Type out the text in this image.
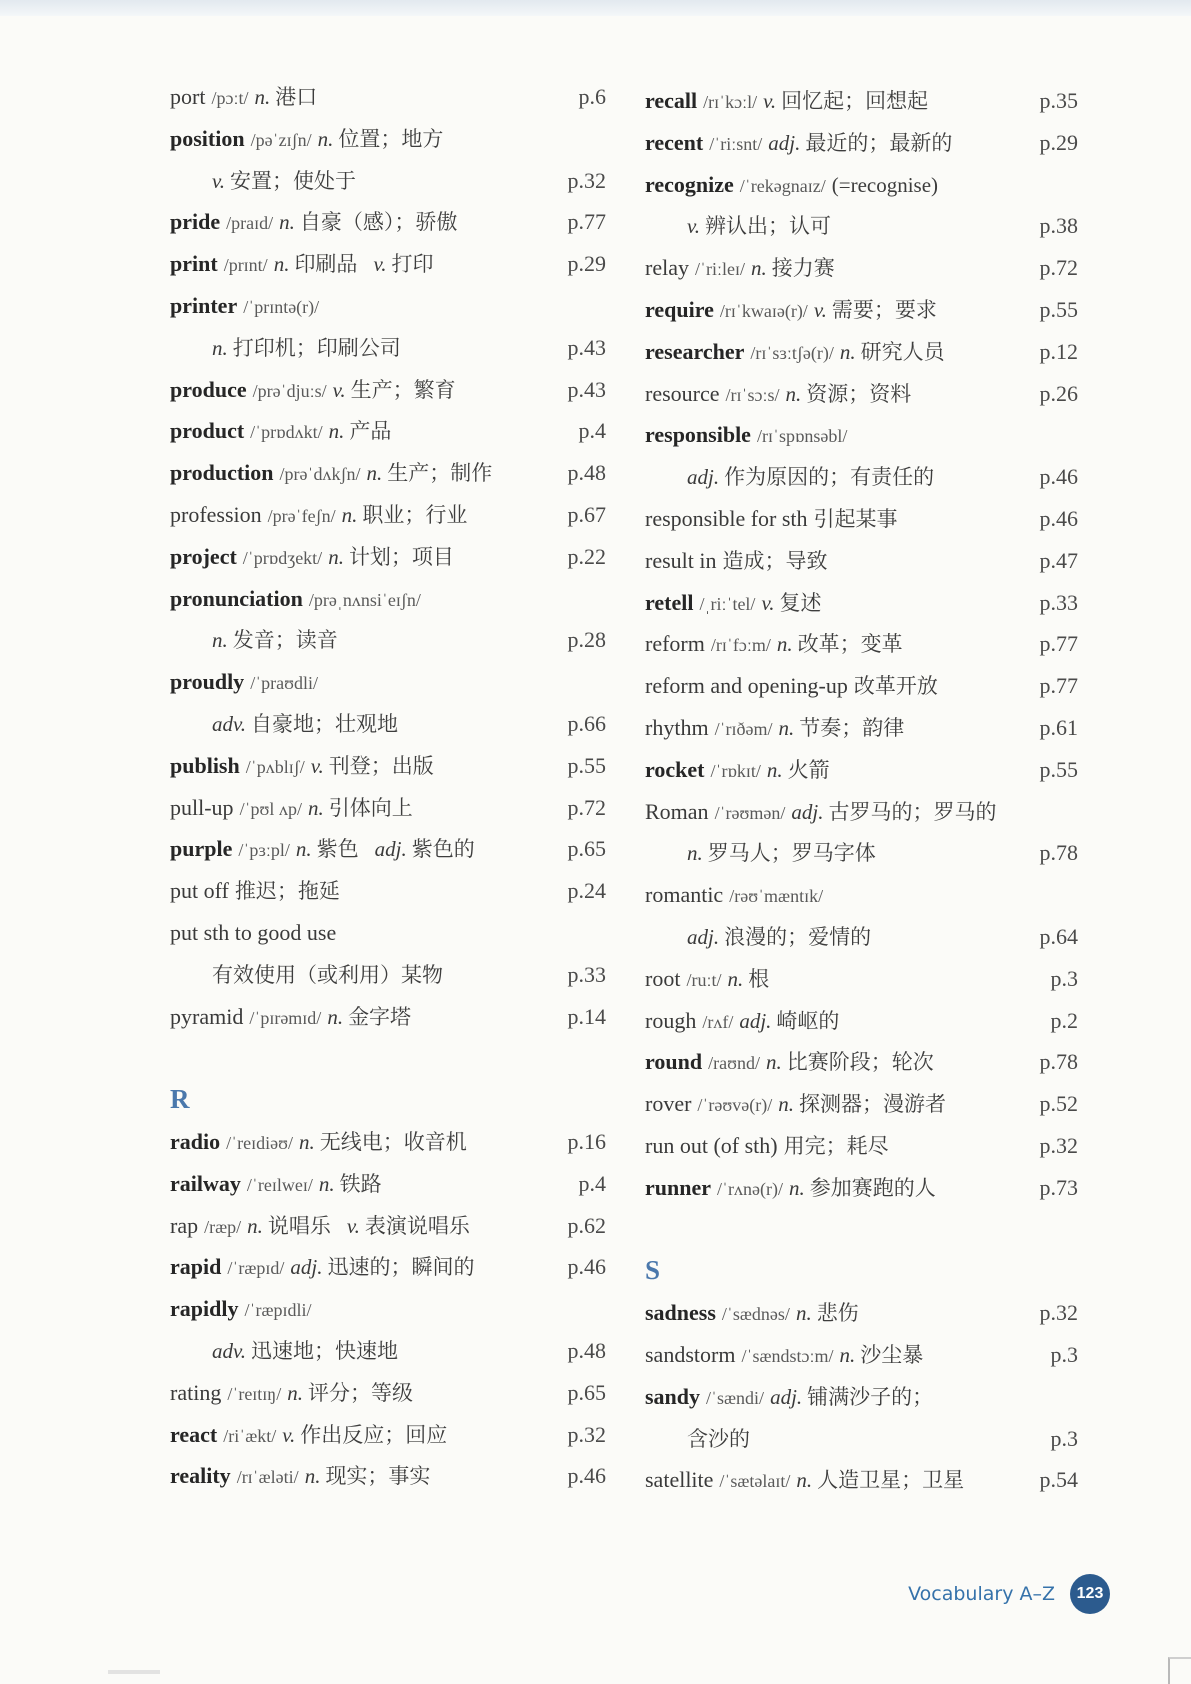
port /pɔːt/ n. 港口	p.6
position /pəˈzɪʃn/ n. 位置；地方
v. 安置；使处于	p.32
pride /praɪd/ n. 自豪（感）；骄傲	p.77
print /prɪnt/ n. 印刷品 v. 打印	p.29
printer /ˈprɪntə(r)/
n. 打印机；印刷公司	p.43
produce /prəˈdjuːs/ v. 生产；繁育	p.43
product /ˈprɒdʌkt/ n. 产品	p.4
production /prəˈdʌkʃn/ n. 生产；制作	p.48
profession /prəˈfeʃn/ n. 职业；行业	p.67
project /ˈprɒdʒekt/ n. 计划；项目	p.22
pronunciation /prəˌnʌnsiˈeɪʃn/
n. 发音；读音	p.28
proudly /ˈpraʊdli/
adv. 自豪地；壮观地	p.66
publish /ˈpʌblɪʃ/ v. 刊登；出版	p.55
pull-up /ˈpʊl ʌp/ n. 引体向上	p.72
purple /ˈpɜːpl/ n. 紫色 adj. 紫色的	p.65
put off 推迟；拖延	p.24
put sth to good use
有效使用（或利用）某物	p.33
pyramid /ˈpɪrəmɪd/ n. 金字塔	p.14
R
radio /ˈreɪdiəʊ/ n. 无线电；收音机	p.16
railway /ˈreɪlweɪ/ n. 铁路	p.4
rap /ræp/ n. 说唱乐 v. 表演说唱乐	p.62
rapid /ˈræpɪd/ adj. 迅速的；瞬间的	p.46
rapidly /ˈræpɪdli/
adv. 迅速地；快速地	p.48
rating /ˈreɪtɪŋ/ n. 评分；等级	p.65
react /riˈækt/ v. 作出反应；回应	p.32
reality /rɪˈæləti/ n. 现实；事实	p.46
recall /rɪˈkɔːl/ v. 回忆起；回想起	p.35
recent /ˈriːsnt/ adj. 最近的；最新的	p.29
recognize /ˈrekəgnaɪz/ (=recognise)
v. 辨认出；认可	p.38
relay /ˈriːleɪ/ n. 接力赛	p.72
require /rɪˈkwaɪə(r)/ v. 需要；要求	p.55
researcher /rɪˈsɜːtʃə(r)/ n. 研究人员	p.12
resource /rɪˈsɔːs/ n. 资源；资料	p.26
responsible /rɪˈspɒnsəbl/
adj. 作为原因的；有责任的	p.46
responsible for sth 引起某事	p.46
result in 造成；导致	p.47
retell /ˌriːˈtel/ v. 复述	p.33
reform /rɪˈfɔːm/ n. 改革；变革	p.77
reform and opening-up 改革开放	p.77
rhythm /ˈrɪðəm/ n. 节奏；韵律	p.61
rocket /ˈrɒkɪt/ n. 火箭	p.55
Roman /ˈrəʊmən/ adj. 古罗马的；罗马的
n. 罗马人；罗马字体	p.78
romantic /rəʊˈmæntɪk/
adj. 浪漫的；爱情的	p.64
root /ruːt/ n. 根	p.3
rough /rʌf/ adj. 崎岖的	p.2
round /raʊnd/ n. 比赛阶段；轮次	p.78
rover /ˈrəʊvə(r)/ n. 探测器；漫游者	p.52
run out (of sth) 用完；耗尽	p.32
runner /ˈrʌnə(r)/ n. 参加赛跑的人	p.73
S
sadness /ˈsædnəs/ n. 悲伤	p.32
sandstorm /ˈsændstɔːm/ n. 沙尘暴	p.3
sandy /ˈsændi/ adj. 铺满沙子的；
含沙的	p.3
satellite /ˈsætəlaɪt/ n. 人造卫星；卫星	p.54
Vocabulary A–Z	123
